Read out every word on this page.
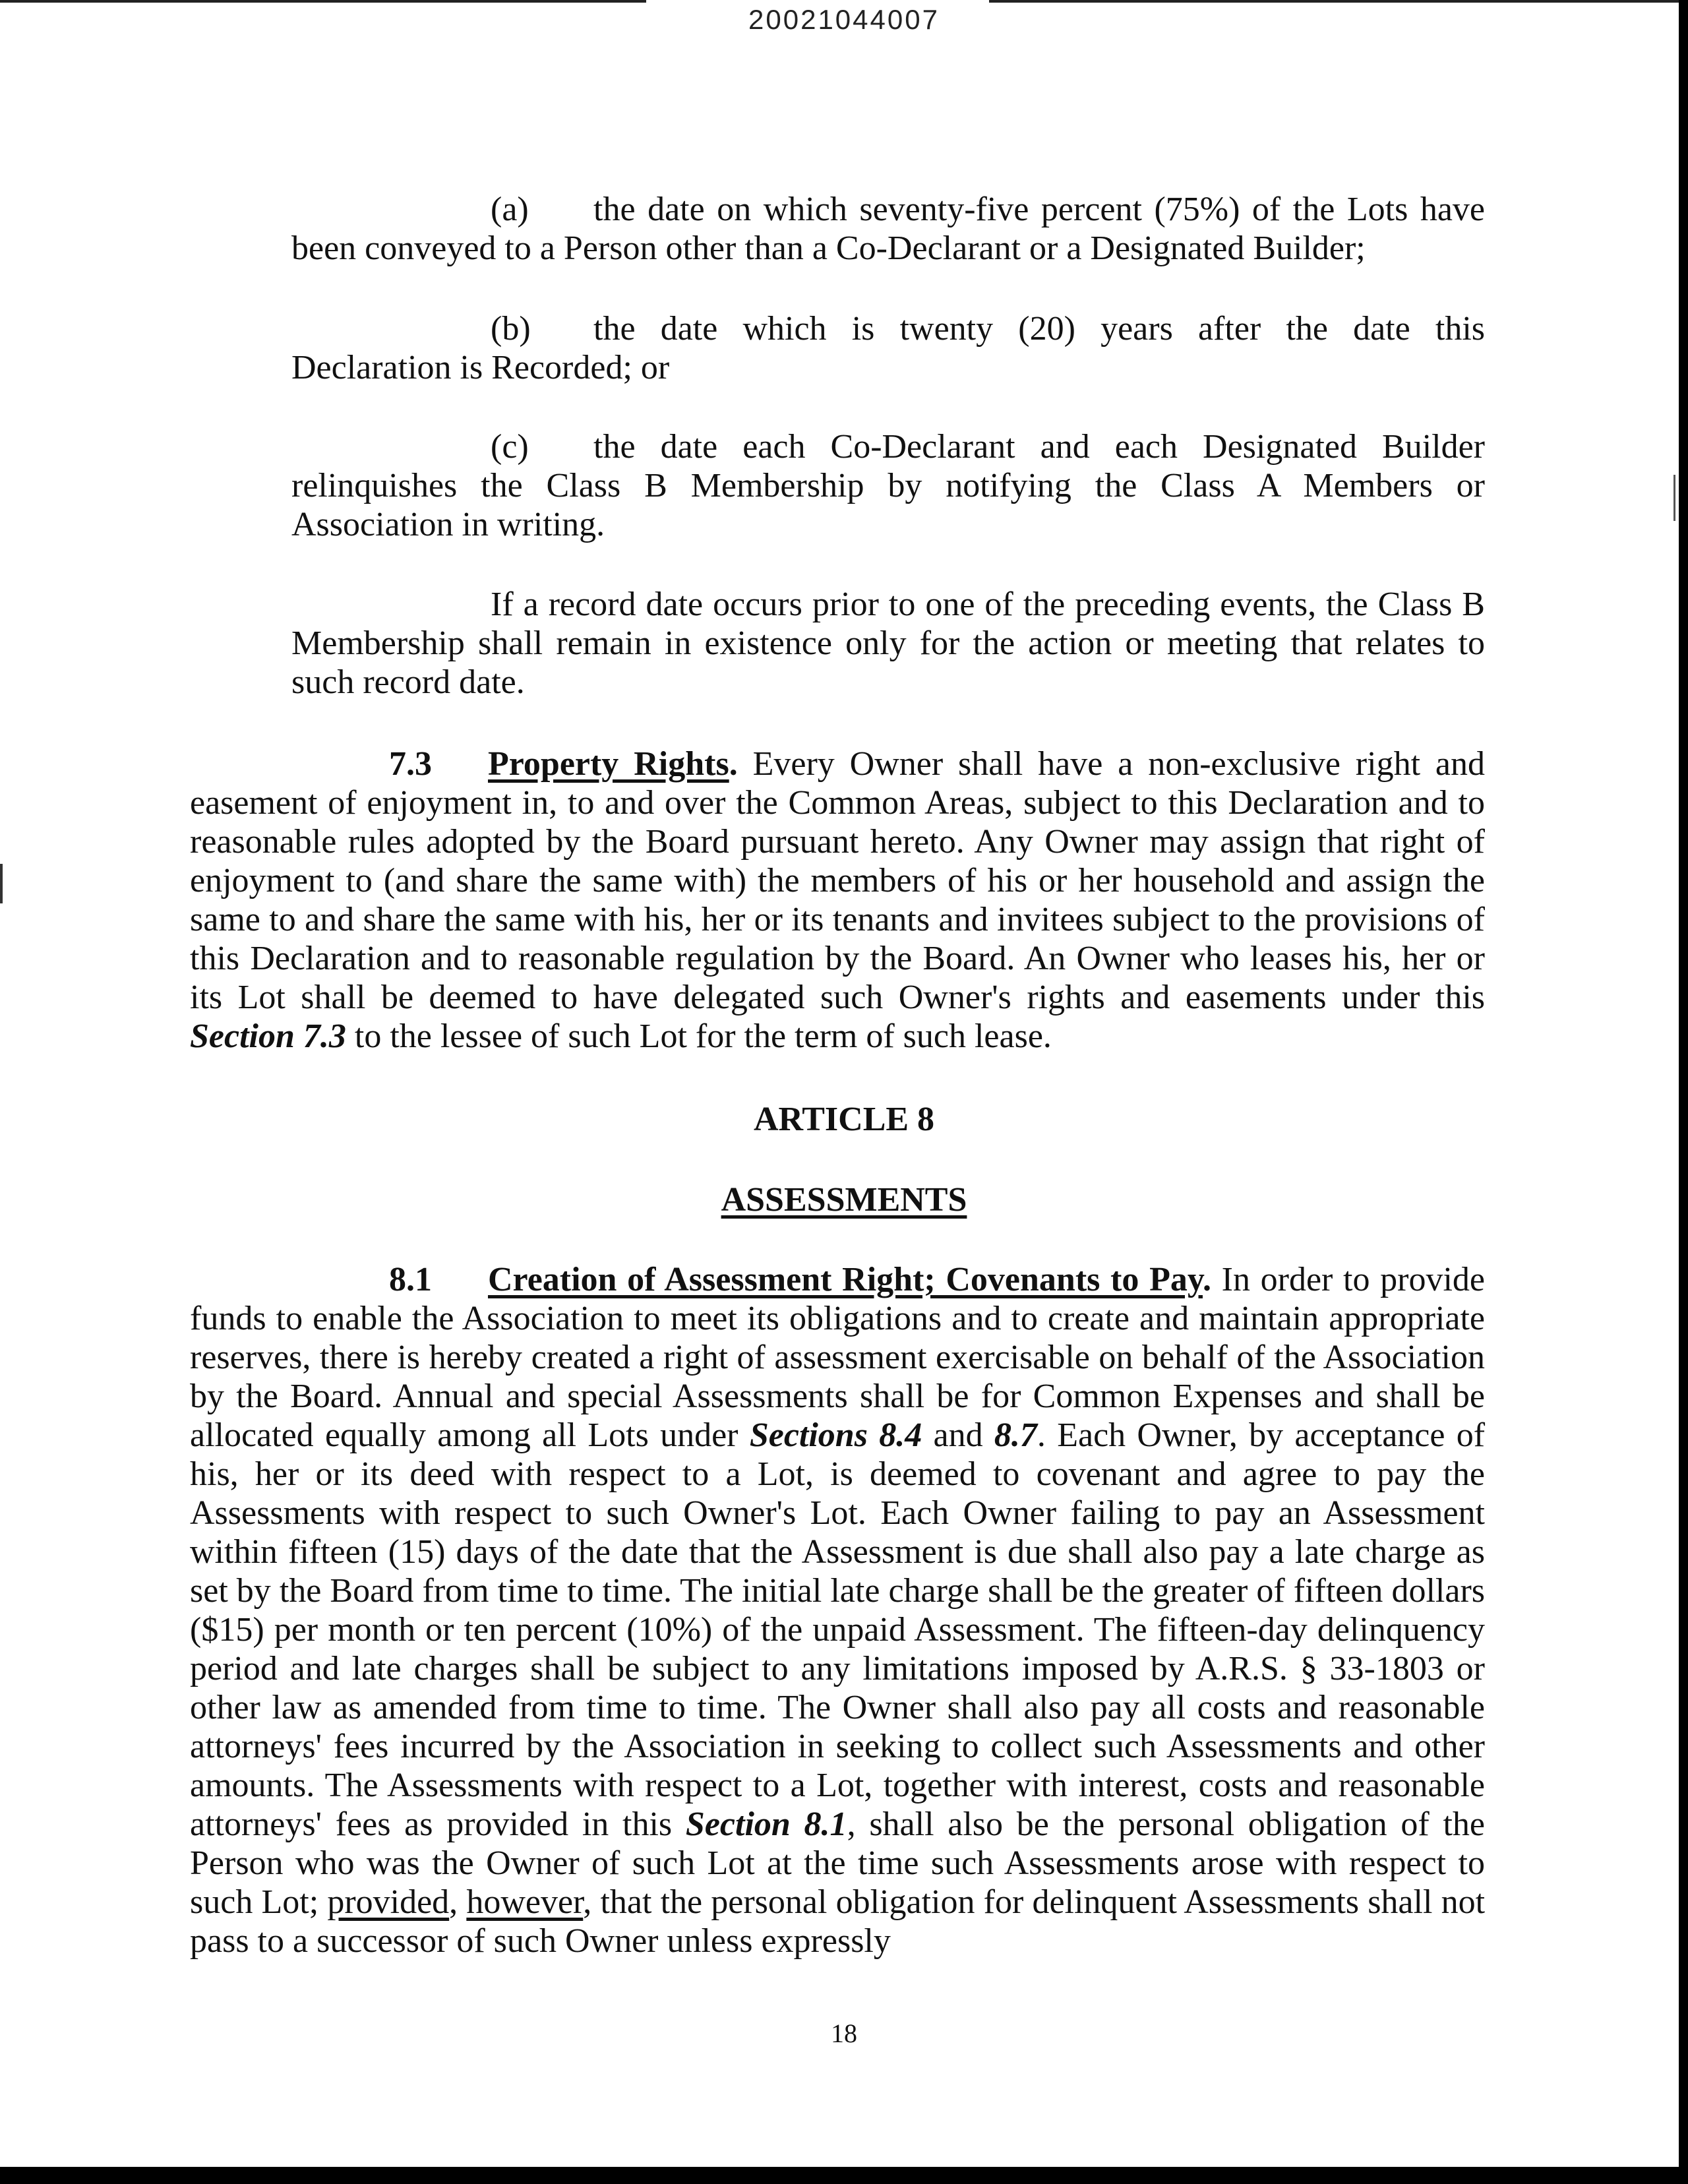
20021044007

(a) the date on which seventy-five percent (75%) of the Lots have been conveyed to a Person other than a Co-Declarant or a Designated Builder;

(b) the date which is twenty (20) years after the date this Declaration is Recorded; or

(c) the date each Co-Declarant and each Designated Builder relinquishes the Class B Membership by notifying the Class A Members or Association in writing.

If a record date occurs prior to one of the preceding events, the Class B Membership shall remain in existence only for the action or meeting that relates to such record date.

7.3 Property Rights. Every Owner shall have a non-exclusive right and easement of enjoyment in, to and over the Common Areas, subject to this Declaration and to reasonable rules adopted by the Board pursuant hereto. Any Owner may assign that right of enjoyment to (and share the same with) the members of his or her household and assign the same to and share the same with his, her or its tenants and invitees subject to the provisions of this Declaration and to reasonable regulation by the Board. An Owner who leases his, her or its Lot shall be deemed to have delegated such Owner's rights and easements under this Section 7.3 to the lessee of such Lot for the term of such lease.

ARTICLE 8
ASSESSMENTS

8.1 Creation of Assessment Right; Covenants to Pay. In order to provide funds to enable the Association to meet its obligations and to create and maintain appropriate reserves, there is hereby created a right of assessment exercisable on behalf of the Association by the Board. Annual and special Assessments shall be for Common Expenses and shall be allocated equally among all Lots under Sections 8.4 and 8.7. Each Owner, by acceptance of his, her or its deed with respect to a Lot, is deemed to covenant and agree to pay the Assessments with respect to such Owner's Lot. Each Owner failing to pay an Assessment within fifteen (15) days of the date that the Assessment is due shall also pay a late charge as set by the Board from time to time. The initial late charge shall be the greater of fifteen dollars ($15) per month or ten percent (10%) of the unpaid Assessment. The fifteen-day delinquency period and late charges shall be subject to any limitations imposed by A.R.S. § 33-1803 or other law as amended from time to time. The Owner shall also pay all costs and reasonable attorneys' fees incurred by the Association in seeking to collect such Assessments and other amounts. The Assessments with respect to a Lot, together with interest, costs and reasonable attorneys' fees as provided in this Section 8.1, shall also be the personal obligation of the Person who was the Owner of such Lot at the time such Assessments arose with respect to such Lot; provided, however, that the personal obligation for delinquent Assessments shall not pass to a successor of such Owner unless expressly

18
